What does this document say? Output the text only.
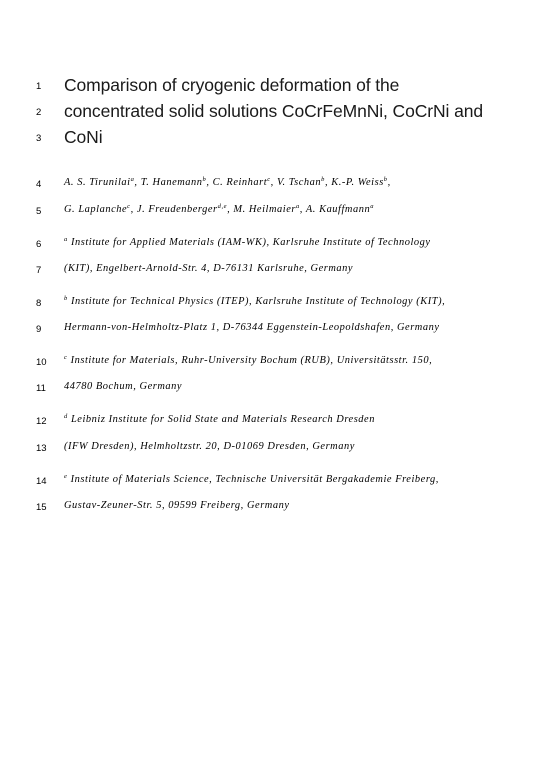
1
2
3
4
5
6
7
8
9
10
11
12
13
14
15
Comparison of cryogenic deformation of the
concentrated solid solutions CoCrFeMnNi, CoCrNi and
CoNi
A. S. Tirunilai$^a$, T. Hanemann$^b$, C. Reinhart$^c$, V. Tschan$^b$, K.-P. Weiss$^b$,
G. Laplanche$^c$, J. Freudenberger$^{d,e}$, M. Heilmaier$^a$, A. Kauffmann$^a$
$^a$ Institute for Applied Materials (IAM-WK), Karlsruhe Institute of Technology
(KIT), Engelbert-Arnold-Str. 4, D-76131 Karlsruhe, Germany
$^b$ Institute for Technical Physics (ITEP), Karlsruhe Institute of Technology (KIT),
Hermann-von-Helmholtz-Platz 1, D-76344 Eggenstein-Leopoldshafen, Germany
$^c$ Institute for Materials, Ruhr-University Bochum (RUB), Universitätsstr. 150,
44780 Bochum, Germany
$^d$ Leibniz Institute for Solid State and Materials Research Dresden
(IFW Dresden), Helmholtzstr. 20, D-01069 Dresden, Germany
$^e$ Institute of Materials Science, Technische Universität Bergakademie Freiberg,
Gustav-Zeuner-Str. 5, 09599 Freiberg, Germany
